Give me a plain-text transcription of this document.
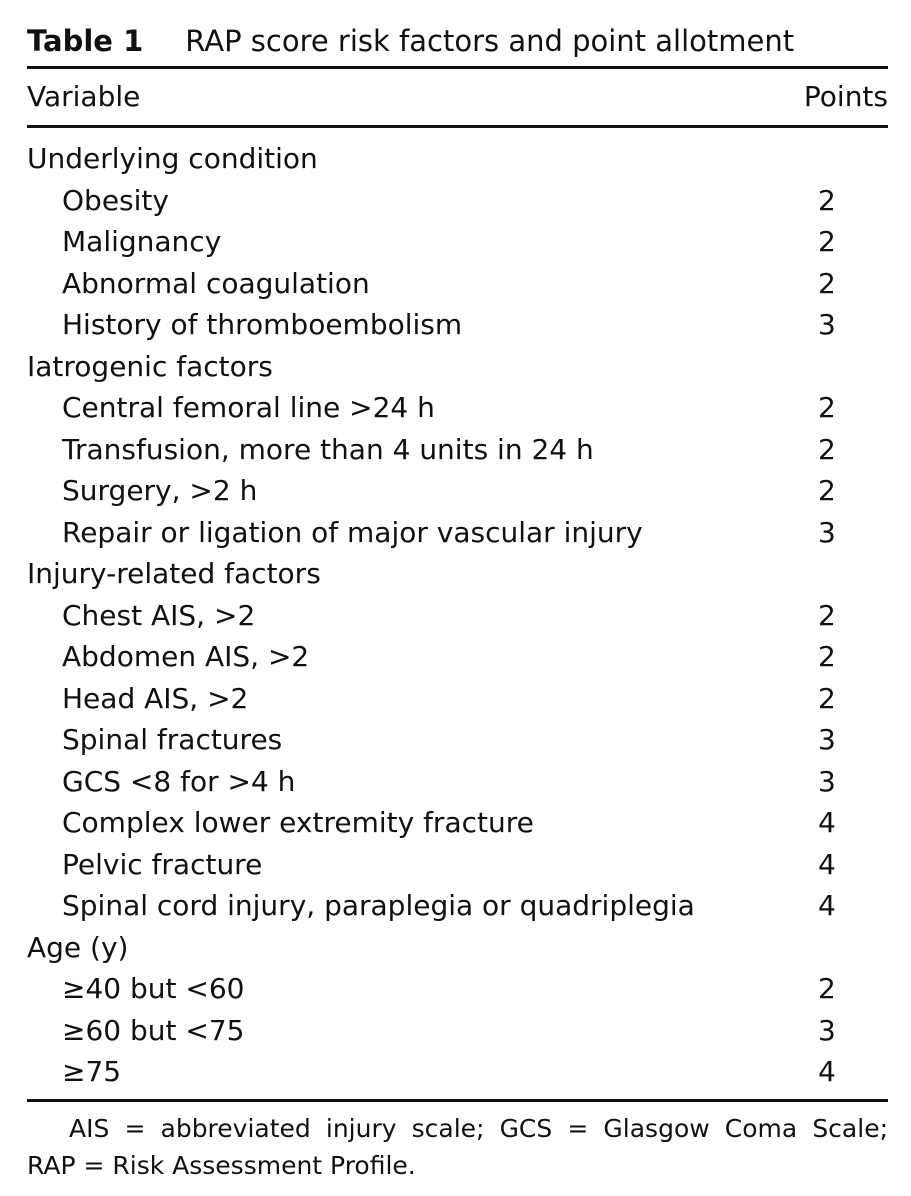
Table 1 RAP score risk factors and point allotment
Variable	Points
Underlying condition
Obesity	2
Malignancy	2
Abnormal coagulation	2
History of thromboembolism	3
Iatrogenic factors
Central femoral line >24 h	2
Transfusion, more than 4 units in 24 h	2
Surgery, >2 h	2
Repair or ligation of major vascular injury	3
Injury-related factors
Chest AIS, >2	2
Abdomen AIS, >2	2
Head AIS, >2	2
Spinal fractures	3
GCS <8 for >4 h	3
Complex lower extremity fracture	4
Pelvic fracture	4
Spinal cord injury, paraplegia or quadriplegia	4
Age (y)
≥40 but <60	2
≥60 but <75	3
≥75	4
AIS = abbreviated injury scale; GCS = Glasgow Coma Scale;
RAP = Risk Assessment Profile.
